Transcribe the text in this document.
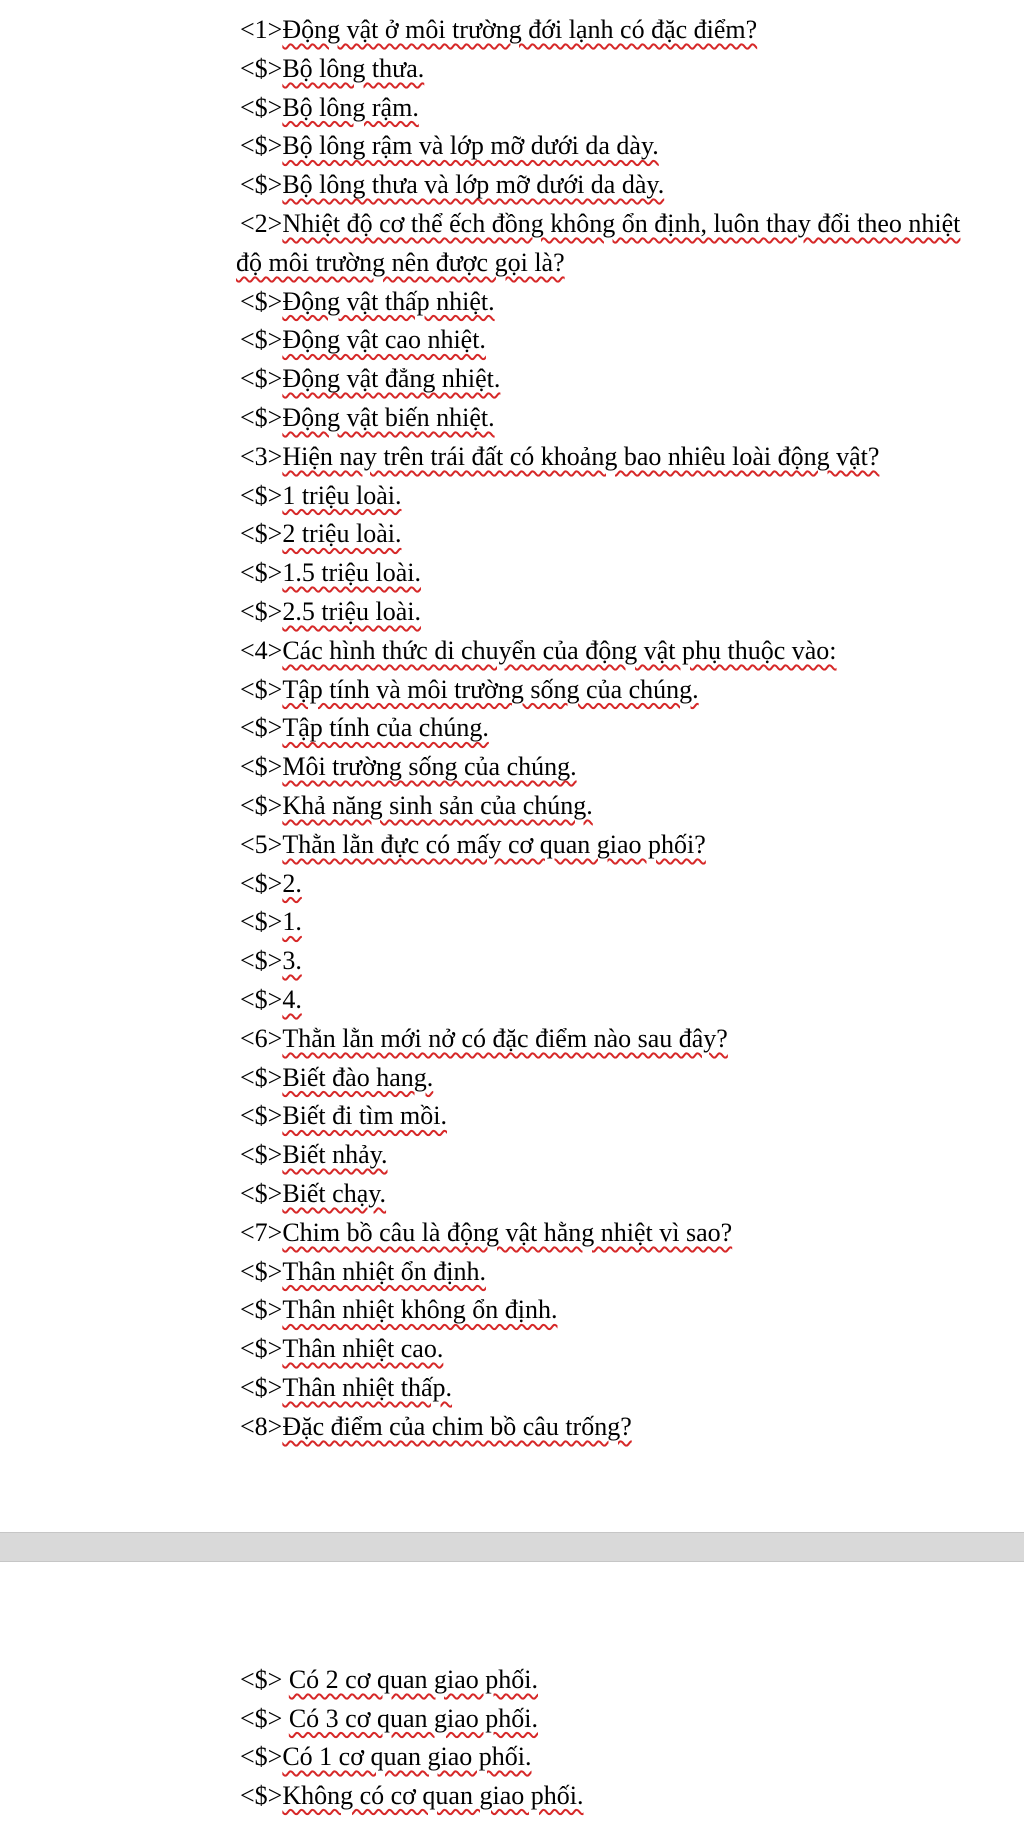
<1>Động vật ở môi trường đới lạnh có đặc điểm?
<$>Bộ lông thưa.
<$>Bộ lông rậm.
<$>Bộ lông rậm và lớp mỡ dưới da dày.
<$>Bộ lông thưa và lớp mỡ dưới da dày.
<2>Nhiệt độ cơ thể ếch đồng không ổn định, luôn thay đổi theo nhiệt
độ môi trường nên được gọi là?
<$>Động vật thấp nhiệt.
<$>Động vật cao nhiệt.
<$>Động vật đẳng nhiệt.
<$>Động vật biến nhiệt.
<3>Hiện nay trên trái đất có khoảng bao nhiêu loài động vật?
<$>1 triệu loài.
<$>2 triệu loài.
<$>1.5 triệu loài.
<$>2.5 triệu loài.
<4>Các hình thức di chuyển của động vật phụ thuộc vào:
<$>Tập tính và môi trường sống của chúng.
<$>Tập tính của chúng.
<$>Môi trường sống của chúng.
<$>Khả năng sinh sản của chúng.
<5>Thằn lằn đực có mấy cơ quan giao phối?
<$>2.
<$>1.
<$>3.
<$>4.
<6>Thằn lằn mới nở có đặc điểm nào sau đây?
<$>Biết đào hang.
<$>Biết đi tìm mồi.
<$>Biết nhảy.
<$>Biết chạy.
<7>Chim bồ câu là động vật hằng nhiệt vì sao?
<$>Thân nhiệt ổn định.
<$>Thân nhiệt không ổn định.
<$>Thân nhiệt cao.
<$>Thân nhiệt thấp.
<8>Đặc điểm của chim bồ câu trống?
<$> Có 2 cơ quan giao phối.
<$> Có 3 cơ quan giao phối.
<$>Có 1 cơ quan giao phối.
<$>Không có cơ quan giao phối.
